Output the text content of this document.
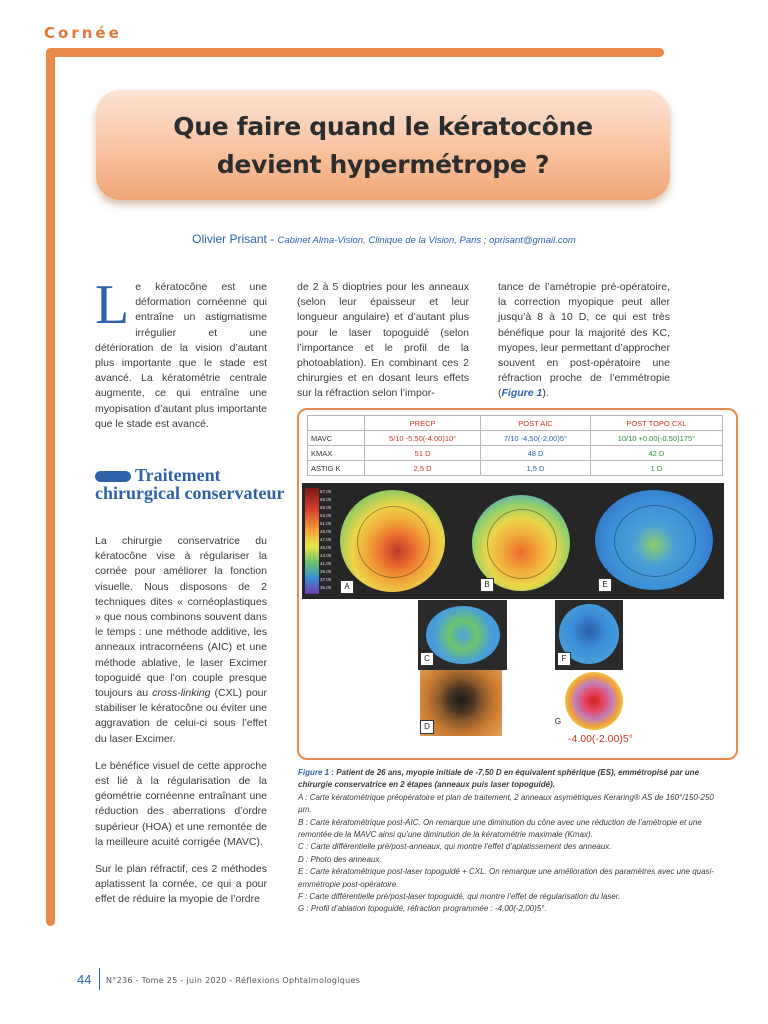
Cornée
Que faire quand le kératocône
devient hypermétrope ?
Olivier Prisant - Cabinet Alma-Vision, Clinique de la Vision, Paris ; oprisant@gmail.com

Le kératocône est une déformation cornéenne qui entraîne un astigmatisme irrégulier et une détérioration de la vision d’autant plus importante que le stade est avancé. La kératométrie centrale augmente, ce qui entraîne une myopisation d’autant plus importante que le stade est avancé.

Traitement chirurgical conservateur

La chirurgie conservatrice du kératocône vise à régulariser la cornée pour améliorer la fonction visuelle. Nous disposons de 2 techniques dites « cornéoplastiques » que nous combinons souvent dans le temps : une méthode additive, les anneaux intracornéens (AIC) et une méthode ablative, le laser Excimer topoguidé que l’on couple presque toujours au cross-linking (CXL) pour stabiliser le kératocône ou éviter une aggravation de celui-ci sous l’effet du laser Excimer.

Le bénéfice visuel de cette approche est lié à la régularisation de la géométrie cornéenne entraînant une réduction des aberrations d’ordre supérieur (HOA) et une remontée de la meilleure acuité corrigée (MAVC).

Sur le plan réfractif, ces 2 méthodes aplatissent la cornée, ce qui a pour effet de réduire la myopie de l’ordre

de 2 à 5 dioptries pour les anneaux (selon leur épaisseur et leur longueur angulaire) et d’autant plus pour le laser topoguidé (selon l’importance et le profil de la photoablation). En combinant ces 2 chirurgies et en dosant leurs effets sur la réfraction selon l’impor-

tance de l’amétropie pré-opératoire, la correction myopique peut aller jusqu’à 8 à 10 D, ce qui est très bénéfique pour la majorité des KC, myopes, leur permettant d’approcher souvent en post-opératoire une réfraction proche de l’emmétropie (Figure 1).

	PRECP	POST AIC	POST TOPO CXL
MAVC	5/10 -5.50(-4.00)10°	7/10 -4,50(-2,00)5°	10/10 +0.00(-0.50)175°
KMAX	51 D	48 D	42 D
ASTIG K	2,5 D	1,5 D	1 D
67.00
65.00
55.00
53.00
51.00
49.00
47.00
45.00
43.00
41.00
39.00
37.00
35.00	A	B	E
C	F
D
G
-4.00(-2.00)5°
Figure 1 : Patient de 26 ans, myopie initiale de -7,50 D en équivalent sphérique (ES), emmétropisé par une chirurgie conservatrice en 2 étapes (anneaux puis laser topoguidé).
A : Carte kératométrique préopératoire et plan de traitement, 2 anneaux asymétriques Keraring® AS de 160°/150-250 µm.
B : Carte kératométrique post-AIC. On remarque une diminution du cône avec une réduction de l’amétropie et une remontée de la MAVC ainsi qu’une diminution de la kératométrie maximale (Kmax).
C : Carte différentielle pré/post-anneaux, qui montre l’effet d’aplatissement des anneaux.
D : Photo des anneaux.
E : Carte kératométrique post-laser topoguidé + CXL. On remarque une amélioration des paramètres avec une quasi-emmétropie post-opératoire.
F : Carte différentielle pré/post-laser topoguidé, qui montre l’effet de régularisation du laser.
G : Profil d’ablation topoguidé, réfraction programmée : -4,00(-2,00)5°.
44 N°236 - Tome 25 - juin 2020 - Réflexions Ophtalmologiques
